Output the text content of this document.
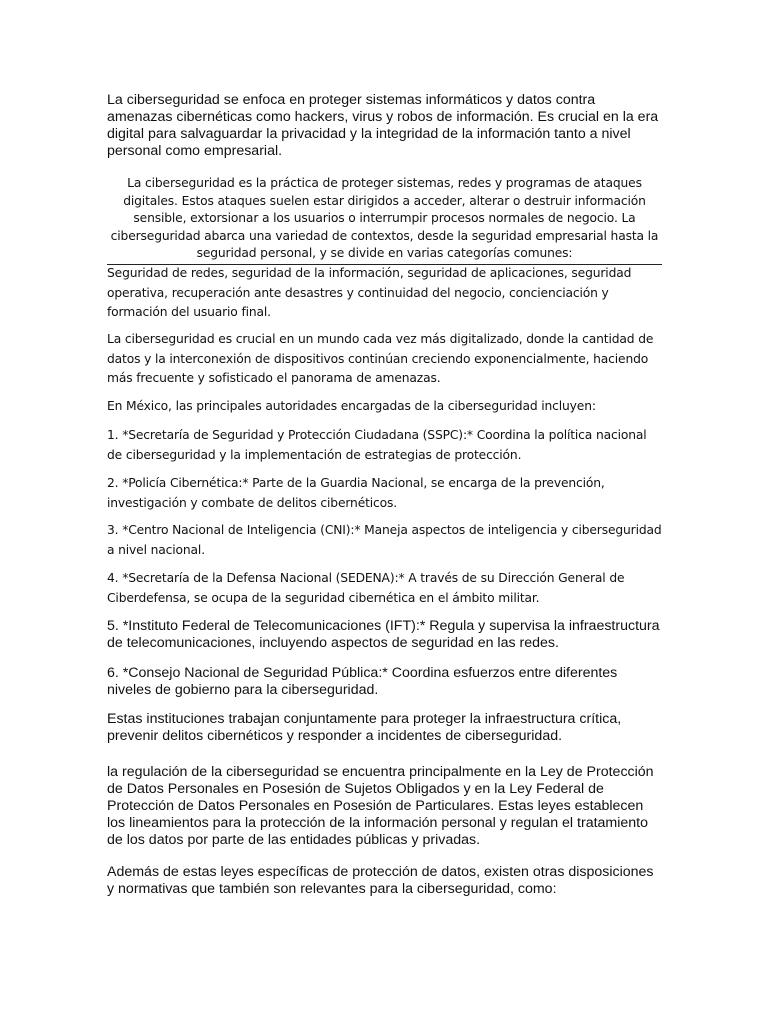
La ciberseguridad se enfoca en proteger sistemas informáticos y datos contra amenazas cibernéticas como hackers, virus y robos de información. Es crucial en la era digital para salvaguardar la privacidad y la integridad de la información tanto a nivel personal como empresarial.

La ciberseguridad es la práctica de proteger sistemas, redes y programas de ataques digitales. Estos ataques suelen estar dirigidos a acceder, alterar o destruir información sensible, extorsionar a los usuarios o interrumpir procesos normales de negocio. La ciberseguridad abarca una variedad de contextos, desde la seguridad empresarial hasta la seguridad personal, y se divide en varias categorías comunes:

Seguridad de redes, seguridad de la información, seguridad de aplicaciones, seguridad operativa, recuperación ante desastres y continuidad del negocio, concienciación y formación del usuario final.

La ciberseguridad es crucial en un mundo cada vez más digitalizado, donde la cantidad de datos y la interconexión de dispositivos continúan creciendo exponencialmente, haciendo más frecuente y sofisticado el panorama de amenazas.

En México, las principales autoridades encargadas de la ciberseguridad incluyen:

1. *Secretaría de Seguridad y Protección Ciudadana (SSPC):* Coordina la política nacional de ciberseguridad y la implementación de estrategias de protección.

2. *Policía Cibernética:* Parte de la Guardia Nacional, se encarga de la prevención, investigación y combate de delitos cibernéticos.

3. *Centro Nacional de Inteligencia (CNI):* Maneja aspectos de inteligencia y ciberseguridad a nivel nacional.

4. *Secretaría de la Defensa Nacional (SEDENA):* A través de su Dirección General de Ciberdefensa, se ocupa de la seguridad cibernética en el ámbito militar.

5. *Instituto Federal de Telecomunicaciones (IFT):* Regula y supervisa la infraestructura de telecomunicaciones, incluyendo aspectos de seguridad en las redes.

6. *Consejo Nacional de Seguridad Pública:* Coordina esfuerzos entre diferentes niveles de gobierno para la ciberseguridad.

Estas instituciones trabajan conjuntamente para proteger la infraestructura crítica, prevenir delitos cibernéticos y responder a incidentes de ciberseguridad.

la regulación de la ciberseguridad se encuentra principalmente en la Ley de Protección de Datos Personales en Posesión de Sujetos Obligados y en la Ley Federal de Protección de Datos Personales en Posesión de Particulares. Estas leyes establecen los lineamientos para la protección de la información personal y regulan el tratamiento de los datos por parte de las entidades públicas y privadas.

Además de estas leyes específicas de protección de datos, existen otras disposiciones y normativas que también son relevantes para la ciberseguridad, como:
